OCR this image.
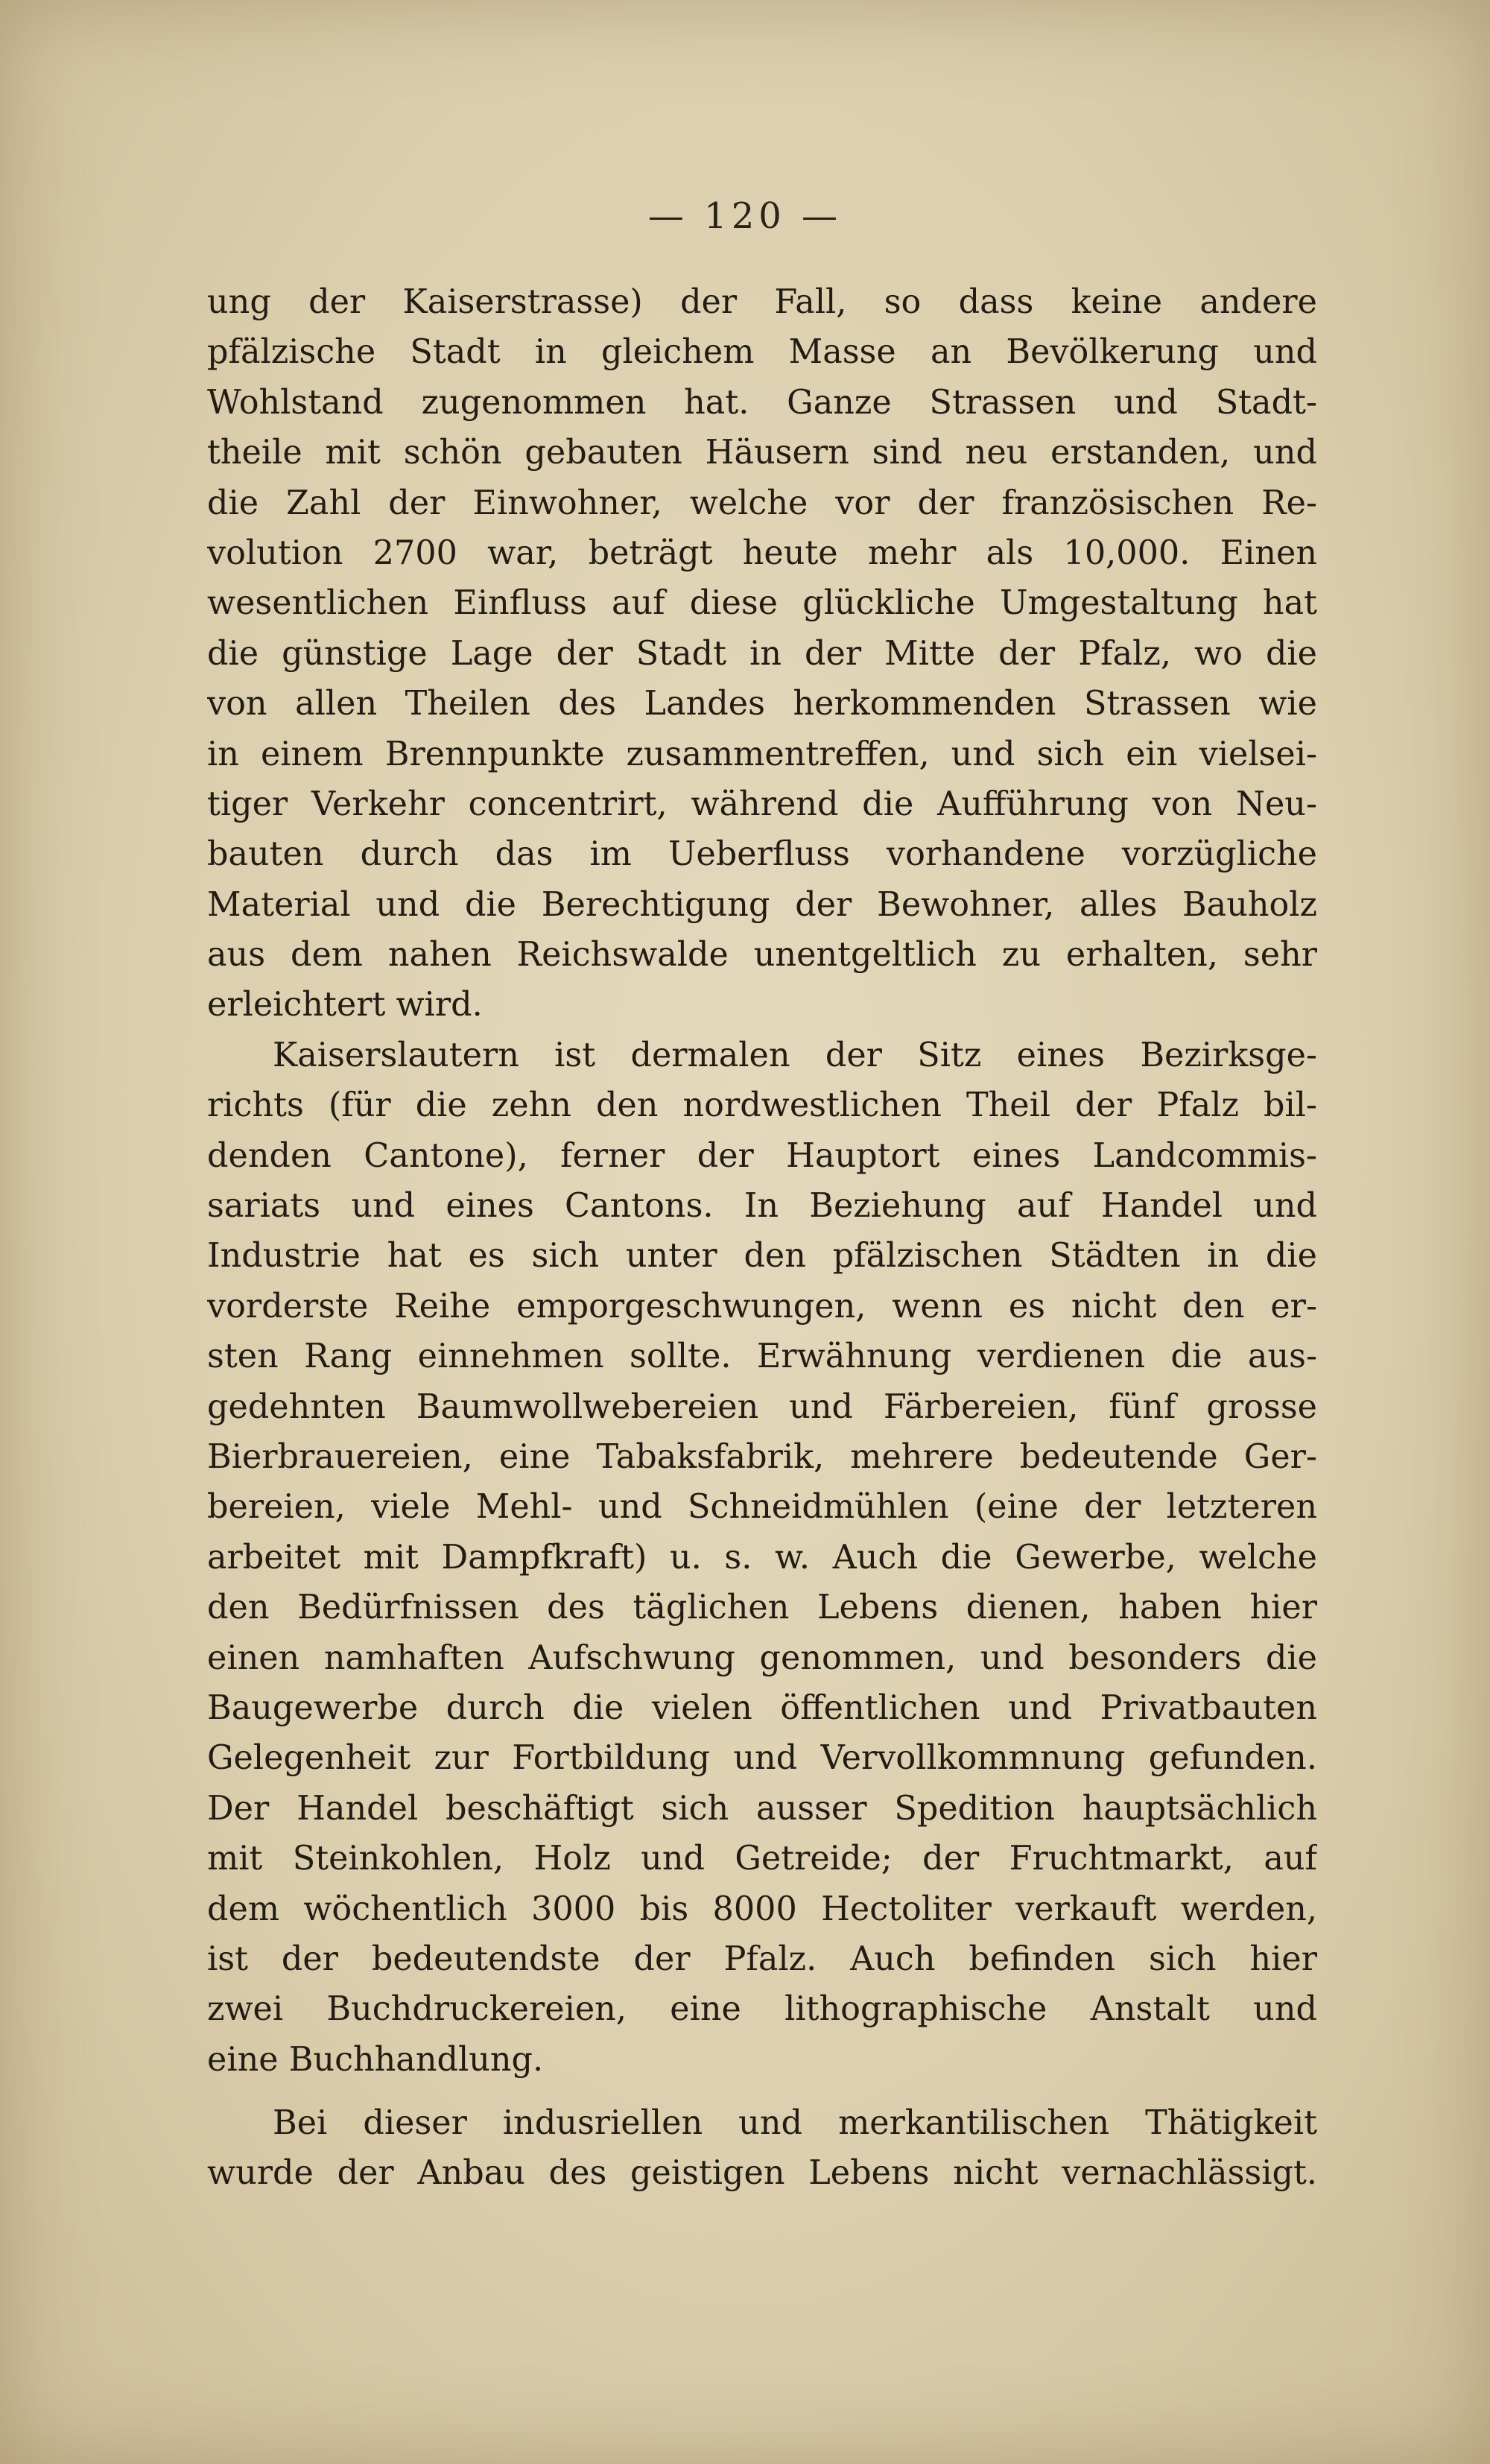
— 120 —
ung der Kaiserstrasse) der Fall, so dass keine andere
pfälzische Stadt in gleichem Masse an Bevölkerung und
Wohlstand zugenommen hat. Ganze Strassen und Stadt-
theile mit schön gebauten Häusern sind neu erstanden, und
die Zahl der Einwohner, welche vor der französischen Re-
volution 2700 war, beträgt heute mehr als 10,000. Einen
wesentlichen Einfluss auf diese glückliche Umgestaltung hat
die günstige Lage der Stadt in der Mitte der Pfalz, wo die
von allen Theilen des Landes herkommenden Strassen wie
in einem Brennpunkte zusammentreffen, und sich ein vielsei-
tiger Verkehr concentrirt, während die Aufführung von Neu-
bauten durch das im Ueberfluss vorhandene vorzügliche
Material und die Berechtigung der Bewohner, alles Bauholz
aus dem nahen Reichswalde unentgeltlich zu erhalten, sehr
erleichtert wird.
Kaiserslautern ist dermalen der Sitz eines Bezirksge-
richts (für die zehn den nordwestlichen Theil der Pfalz bil-
denden Cantone), ferner der Hauptort eines Landcommis-
sariats und eines Cantons. In Beziehung auf Handel und
Industrie hat es sich unter den pfälzischen Städten in die
vorderste Reihe emporgeschwungen, wenn es nicht den er-
sten Rang einnehmen sollte. Erwähnung verdienen die aus-
gedehnten Baumwollwebereien und Färbereien, fünf grosse
Bierbrauereien, eine Tabaksfabrik, mehrere bedeutende Ger-
bereien, viele Mehl- und Schneidmühlen (eine der letzteren
arbeitet mit Dampfkraft) u. s. w. Auch die Gewerbe, welche
den Bedürfnissen des täglichen Lebens dienen, haben hier
einen namhaften Aufschwung genommen, und besonders die
Baugewerbe durch die vielen öffentlichen und Privatbauten
Gelegenheit zur Fortbildung und Vervollkommnung gefunden.
Der Handel beschäftigt sich ausser Spedition hauptsächlich
mit Steinkohlen, Holz und Getreide; der Fruchtmarkt, auf
dem wöchentlich 3000 bis 8000 Hectoliter verkauft werden,
ist der bedeutendste der Pfalz. Auch befinden sich hier
zwei Buchdruckereien, eine lithographische Anstalt und
eine Buchhandlung.
Bei dieser indusriellen und merkantilischen Thätigkeit
wurde der Anbau des geistigen Lebens nicht vernachlässigt.
